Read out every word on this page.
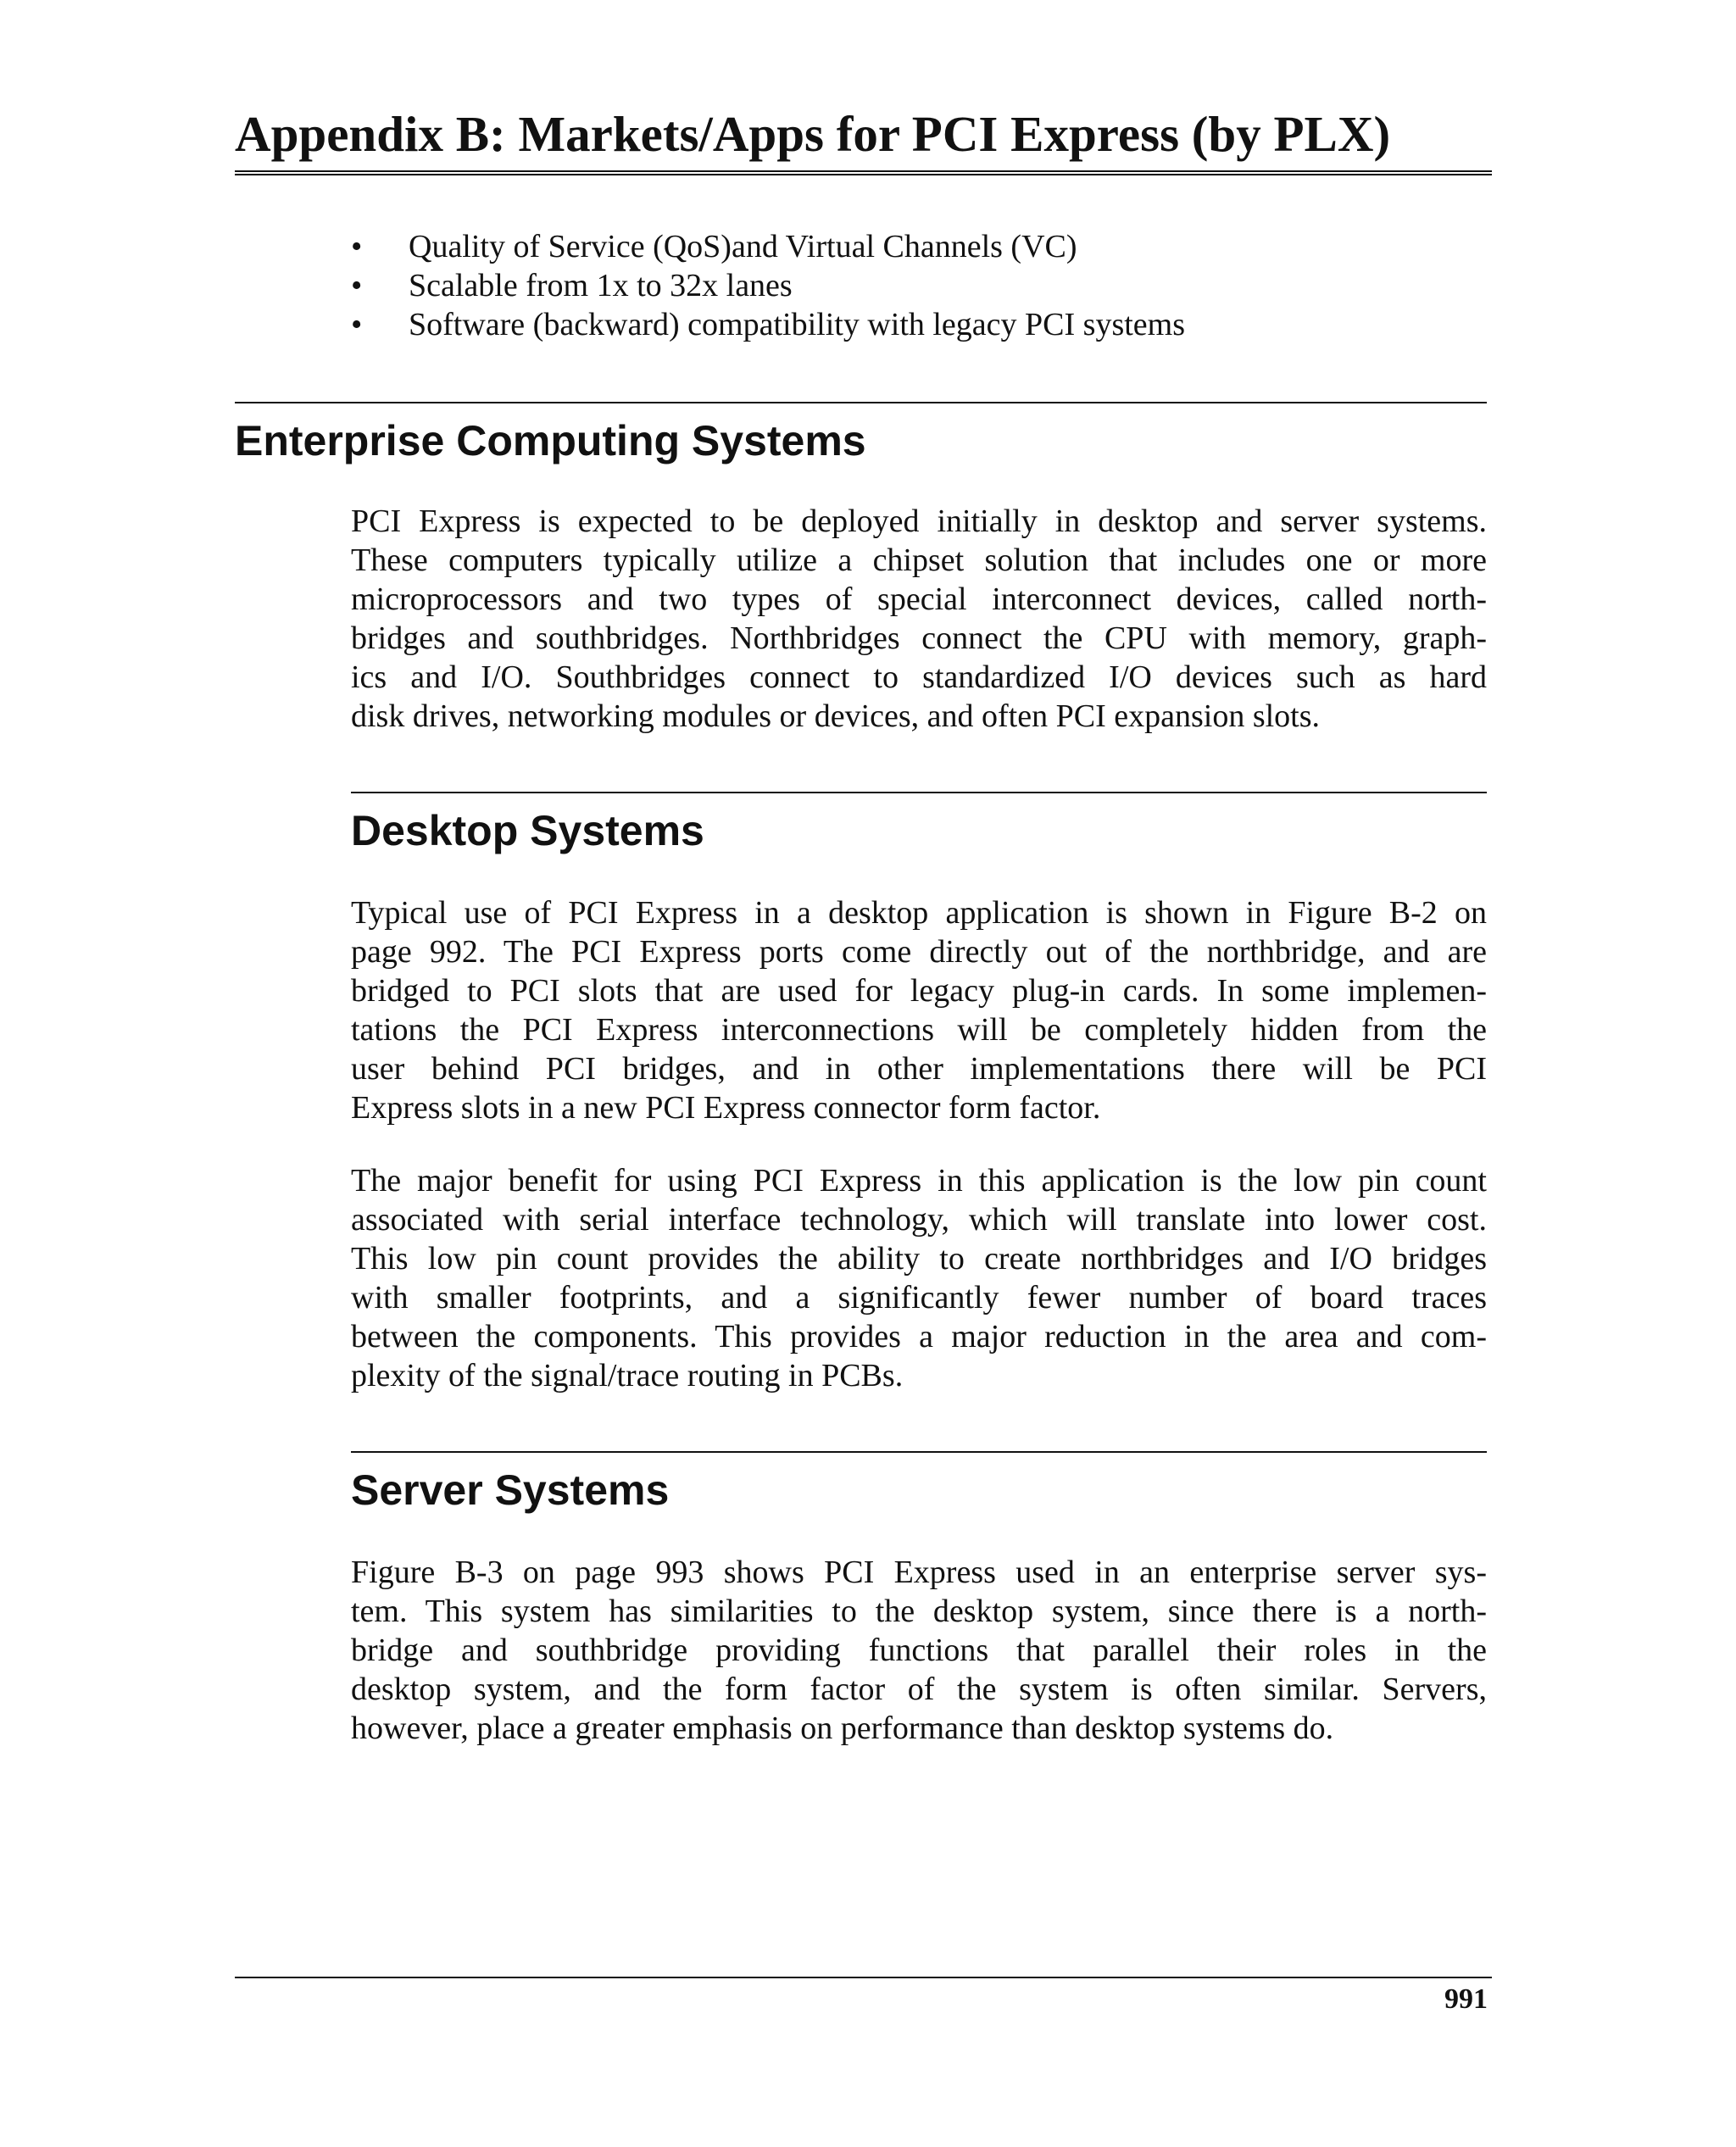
Appendix B: Markets/Apps for PCI Express (by PLX)
• Quality of Service (QoS)and Virtual Channels (VC)
• Scalable from 1x to 32x lanes
• Software (backward) compatibility with legacy PCI systems
Enterprise Computing Systems
PCI Express is expected to be deployed initially in desktop and server systems.
These computers typically utilize a chipset solution that includes one or more
microprocessors and two types of special interconnect devices, called north-
bridges and southbridges. Northbridges connect the CPU with memory, graph-
ics and I/O. Southbridges connect to standardized I/O devices such as hard
disk drives, networking modules or devices, and often PCI expansion slots.
Desktop Systems
Typical use of PCI Express in a desktop application is shown in Figure B-2 on
page 992. The PCI Express ports come directly out of the northbridge, and are
bridged to PCI slots that are used for legacy plug-in cards. In some implemen-
tations the PCI Express interconnections will be completely hidden from the
user behind PCI bridges, and in other implementations there will be PCI
Express slots in a new PCI Express connector form factor.
The major benefit for using PCI Express in this application is the low pin count
associated with serial interface technology, which will translate into lower cost.
This low pin count provides the ability to create northbridges and I/O bridges
with smaller footprints, and a significantly fewer number of board traces
between the components. This provides a major reduction in the area and com-
plexity of the signal/trace routing in PCBs.
Server Systems
Figure B-3 on page 993 shows PCI Express used in an enterprise server sys-
tem. This system has similarities to the desktop system, since there is a north-
bridge and southbridge providing functions that parallel their roles in the
desktop system, and the form factor of the system is often similar. Servers,
however, place a greater emphasis on performance than desktop systems do.
991
